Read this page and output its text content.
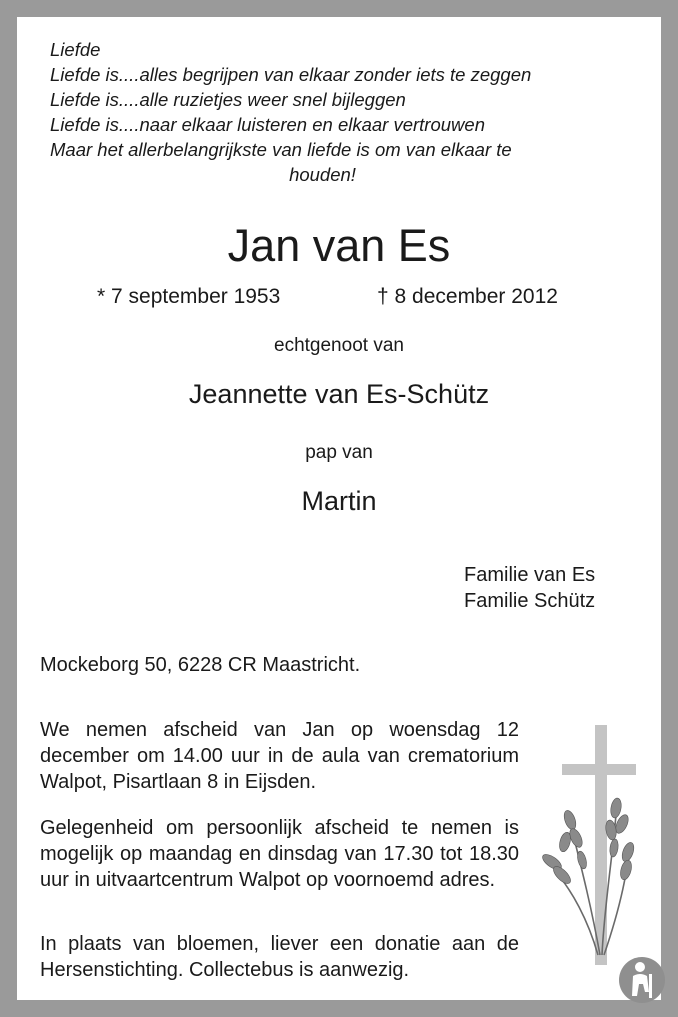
Liefde
Liefde is....alles begrijpen van elkaar zonder iets te zeggen
Liefde is....alle ruzietjes weer snel bijleggen
Liefde is....naar elkaar luisteren en elkaar vertrouwen
Maar het allerbelangrijkste van liefde is om van elkaar te
houden!
Jan van Es
* 7 september 1953	† 8 december 2012
echtgenoot van
Jeannette van Es-Schütz
pap van
Martin
Familie van Es
Familie Schütz
Mockeborg 50, 6228 CR Maastricht.
We nemen afscheid van Jan op woensdag 12 december om 14.00 uur in de aula van crematorium Walpot, Pisartlaan 8 in Eijsden.
Gelegenheid om persoonlijk afscheid te nemen is mogelijk op maandag en dinsdag van 17.30 tot 18.30 uur in uitvaartcentrum Walpot op voornoemd adres.
In plaats van bloemen, liever een donatie aan de Hersenstichting. Collectebus is aanwezig.
